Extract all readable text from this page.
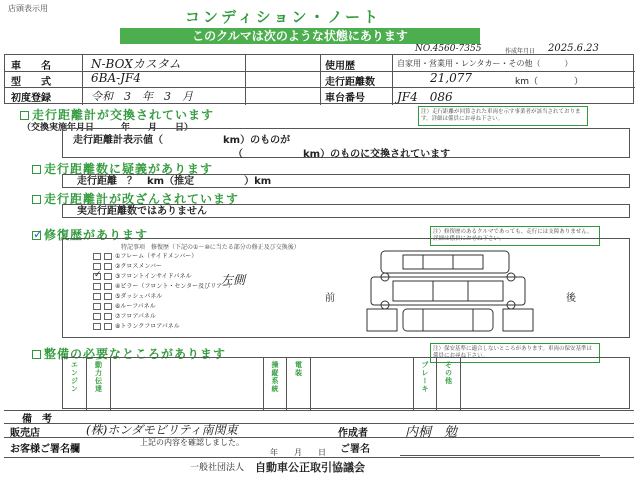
店頭表示用	コンディション・ノート
このクルマは次のような状態にあります
NO.4560-7355	作成年月日 2025.6.23
車　　名	N-BOXカスタム
型　　式	6BA-JF4
初度登録	令和　3　年　3　月
使用歴	自家用・営業用・レンタカー・その他（　　　）
走行距離数	21,077	km（　　　　）
車台番号	JF4　086
走行距離計が交換されています
（交換実施年月日　　　年　　月　　日）
注）走行距離が回算された車両を示す事業者が該当されております。詳細は係員にお尋ね下さい。
走行距離計表示値（　　　　　　km）のものが
（　　　　　　km）のものに交換されています
走行距離数に疑義があります
走行距離　？　km（推定　　　　　）km
走行距離計が改ざんされています
実走行距離数ではありません
✓ 修復歴があります	注）修復歴のあるクルマであっても、走行には支障ありません。詳細は係員にお尋ね下さい。
特記事項　修復歴（下記の①～⑩に当たる部分の修正及び交換後）
①フレーム（サイドメンバー）
②クロスメンバー
✓ ③フロントインサイドパネル
④ピラー（フロント・センター及びリアー）
⑤ダッシュパネル
⑥ルーフパネル
⑦フロアパネル
⑧トランクフロアパネル
左側
前	後
整備の必要なところがあります	注）保安基準に適合しないところがあります。車両の保安基準は係員にお尋ね下さい。
エンジン 動力伝達	操縦系統 電装	ブレーキ その他
備　考
販売店	(株)ホンダモビリティ南関東	作成者	内桐　勉
お客様ご署名欄
上記の内容を確認しました。
年　　月　　日 ご署名
一般社団法人 自動車公正取引協議会
